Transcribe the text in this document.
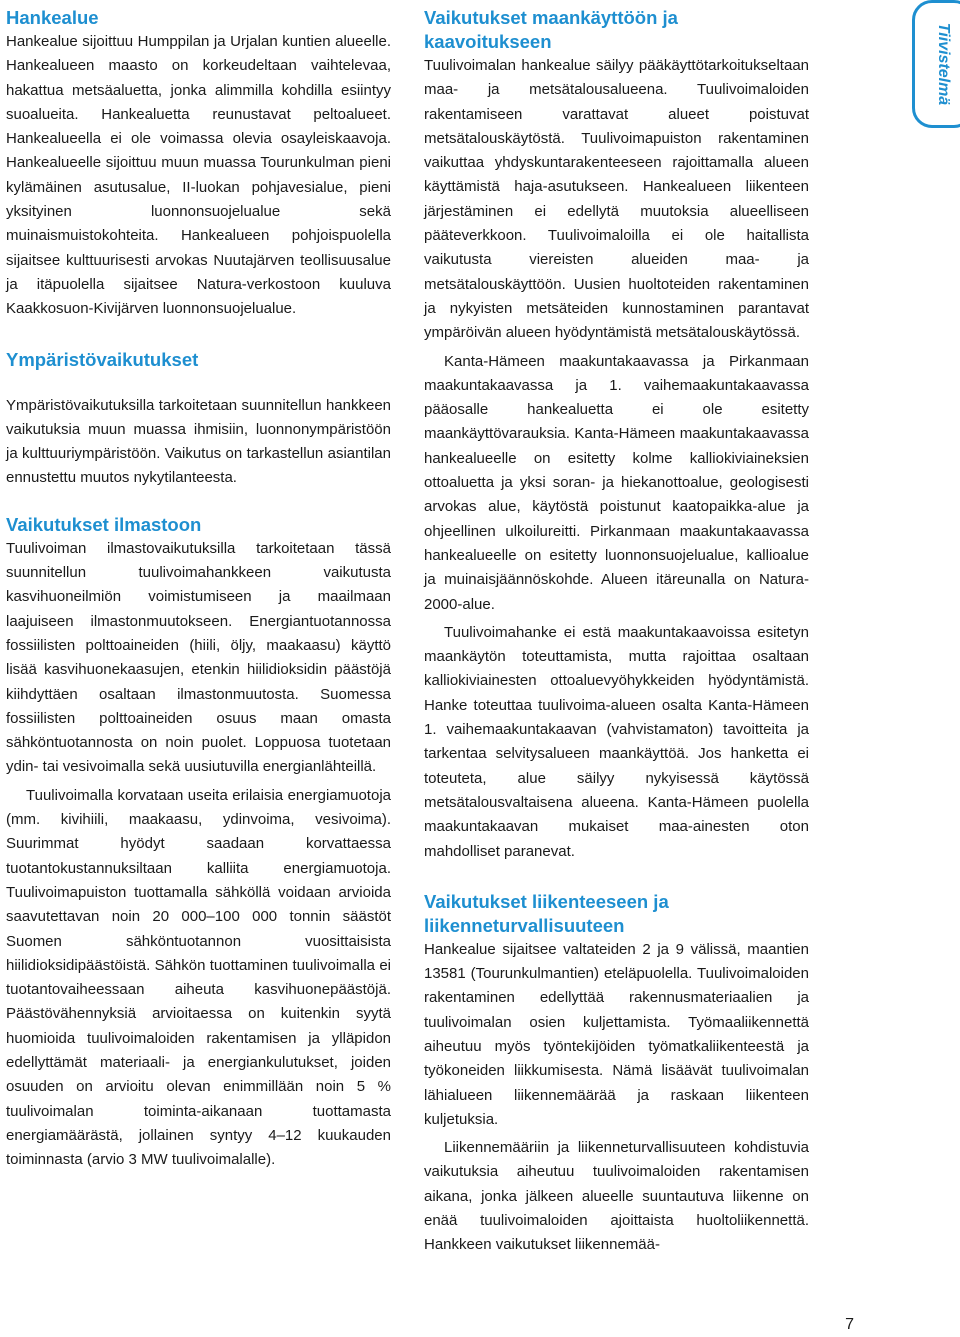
Hankealue

Hankealue sijoittuu Humppilan ja Urjalan kuntien alueelle. Hankealueen maasto on korkeudeltaan vaihtelevaa, hakattua metsäaluetta, jonka alimmilla kohdilla esiintyy suoalueita. Hankealuetta reunustavat peltoalueet. Hankealueella ei ole voimassa olevia osayleiskaavoja. Hankealueelle sijoittuu muun muassa Tourunkulman pieni kylämäinen asutusalue, II-luokan pohjavesialue, pieni yksityinen luonnonsuojelualue sekä muinaismuistokohteita. Hankealueen pohjoispuolella sijaitsee kulttuurisesti arvokas Nuutajärven teollisuusalue ja itäpuolella sijaitsee Natura-verkostoon kuuluva Kaakkosuon-Kivijärven luonnonsuojelualue.

Ympäristövaikutukset

Ympäristövaikutuksilla tarkoitetaan suunnitellun hankkeen vaikutuksia muun muassa ihmisiin, luonnonympäristöön ja kulttuuriympäristöön. Vaikutus on tarkastellun asiantilan ennustettu muutos nykytilanteesta.

Vaikutukset ilmastoon

Tuulivoiman ilmastovaikutuksilla tarkoitetaan tässä suunnitellun tuulivoimahankkeen vaikutusta kasvihuoneilmiön voimistumiseen ja maailmaan laajuiseen ilmastonmuutokseen. Energiantuotannossa fossiilisten polttoaineiden (hiili, öljy, maakaasu) käyttö lisää kasvihuonekaasujen, etenkin hiilidioksidin päästöjä kiihdyttäen osaltaan ilmastonmuutosta. Suomessa fossiilisten polttoaineiden osuus maan omasta sähköntuotannosta on noin puolet. Loppuosa tuotetaan ydin- tai vesivoimalla sekä uusiutuvilla energianlähteillä.

Tuulivoimalla korvataan useita erilaisia energiamuotoja (mm. kivihiili, maakaasu, ydinvoima, vesivoima). Suurimmat hyödyt saadaan korvattaessa tuotantokustannuksiltaan kalliita energiamuotoja. Tuulivoimapuiston tuottamalla sähköllä voidaan arvioida saavutettavan noin 20 000–100 000 tonnin säästöt Suomen sähköntuotannon vuosittaisista hiilidioksidipäästöistä. Sähkön tuottaminen tuulivoimalla ei tuotantovaiheessaan aiheuta kasvihuonepäästöjä. Päästövähennyksiä arvioitaessa on kuitenkin syytä huomioida tuulivoimaloiden rakentamisen ja ylläpidon edellyttämät materiaali- ja energiankulutukset, joiden osuuden on arvioitu olevan enimmillään noin 5 % tuulivoimalan toiminta-aikanaan tuottamasta energiamäärästä, jollainen syntyy 4–12 kuukauden toiminnasta (arvio 3 MW tuulivoimalalle).

Vaikutukset maankäyttöön ja kaavoitukseen

Tuulivoimalan hankealue säilyy pääkäyttötarkoitukseltaan maa- ja metsätalousalueena. Tuulivoimaloiden rakentamiseen varattavat alueet poistuvat metsätalouskäytöstä. Tuulivoimapuiston rakentaminen vaikuttaa yhdyskuntarakenteeseen rajoittamalla alueen käyttämistä haja-asutukseen. Hankealueen liikenteen järjestäminen ei edellytä muutoksia alueelliseen pääteverkkoon. Tuulivoimaloilla ei ole haitallista vaikutusta viereisten alueiden maa- ja metsätalouskäyttöön. Uusien huoltoteiden rakentaminen ja nykyisten metsäteiden kunnostaminen parantavat ympäröivän alueen hyödyntämistä metsätalouskäytössä.

Kanta-Hämeen maakuntakaavassa ja Pirkanmaan maakuntakaavassa ja 1. vaihemaakuntakaavassa pääosalle hankealuetta ei ole esitetty maankäyttövarauksia. Kanta-Hämeen maakuntakaavassa hankealueelle on esitetty kolme kalliokiviaineksien ottoaluetta ja yksi soran- ja hiekanottoalue, geologisesti arvokas alue, käytöstä poistunut kaatopaikka-alue ja ohjeellinen ulkoilureitti. Pirkanmaan maakuntakaavassa hankealueelle on esitetty luonnonsuojelualue, kallioalue ja muinaisjäännöskohde. Alueen itäreunalla on Natura-2000-alue.

Tuulivoimahanke ei estä maakuntakaavoissa esitetyn maankäytön toteuttamista, mutta rajoittaa osaltaan kalliokiviainesten ottoaluevyöhykkeiden hyödyntämistä. Hanke toteuttaa tuulivoima-alueen osalta Kanta-Hämeen 1. vaihemaakuntakaavan (vahvistamaton) tavoitteita ja tarkentaa selvitysalueen maankäyttöä. Jos hanketta ei toteuteta, alue säilyy nykyisessä käytössä metsätalousvaltaisena alueena. Kanta-Hämeen puolella maakuntakaavan mukaiset maa-ainesten oton mahdolliset paranevat.

Vaikutukset liikenteeseen ja liikenneturvallisuuteen

Hankealue sijaitsee valtateiden 2 ja 9 välissä, maantien 13581 (Tourunkulmantien) eteläpuolella. Tuulivoimaloiden rakentaminen edellyttää rakennusmateriaalien ja tuulivoimalan osien kuljettamista. Työmaaliikennettä aiheutuu myös työntekijöiden työmatkaliikenteestä ja työkoneiden liikkumisesta. Nämä lisäävät tuulivoimalan lähialueen liikennemäärää ja raskaan liikenteen kuljetuksia.

Liikennemääriin ja liikenneturvallisuuteen kohdistuvia vaikutuksia aiheutuu tuulivoimaloiden rakentamisen aikana, jonka jälkeen alueelle suuntautuva liikenne on enää tuulivoimaloiden ajoittaista huoltoliikennettä. Hankkeen vaikutukset liikennemää-

Tiivistelmä
7
